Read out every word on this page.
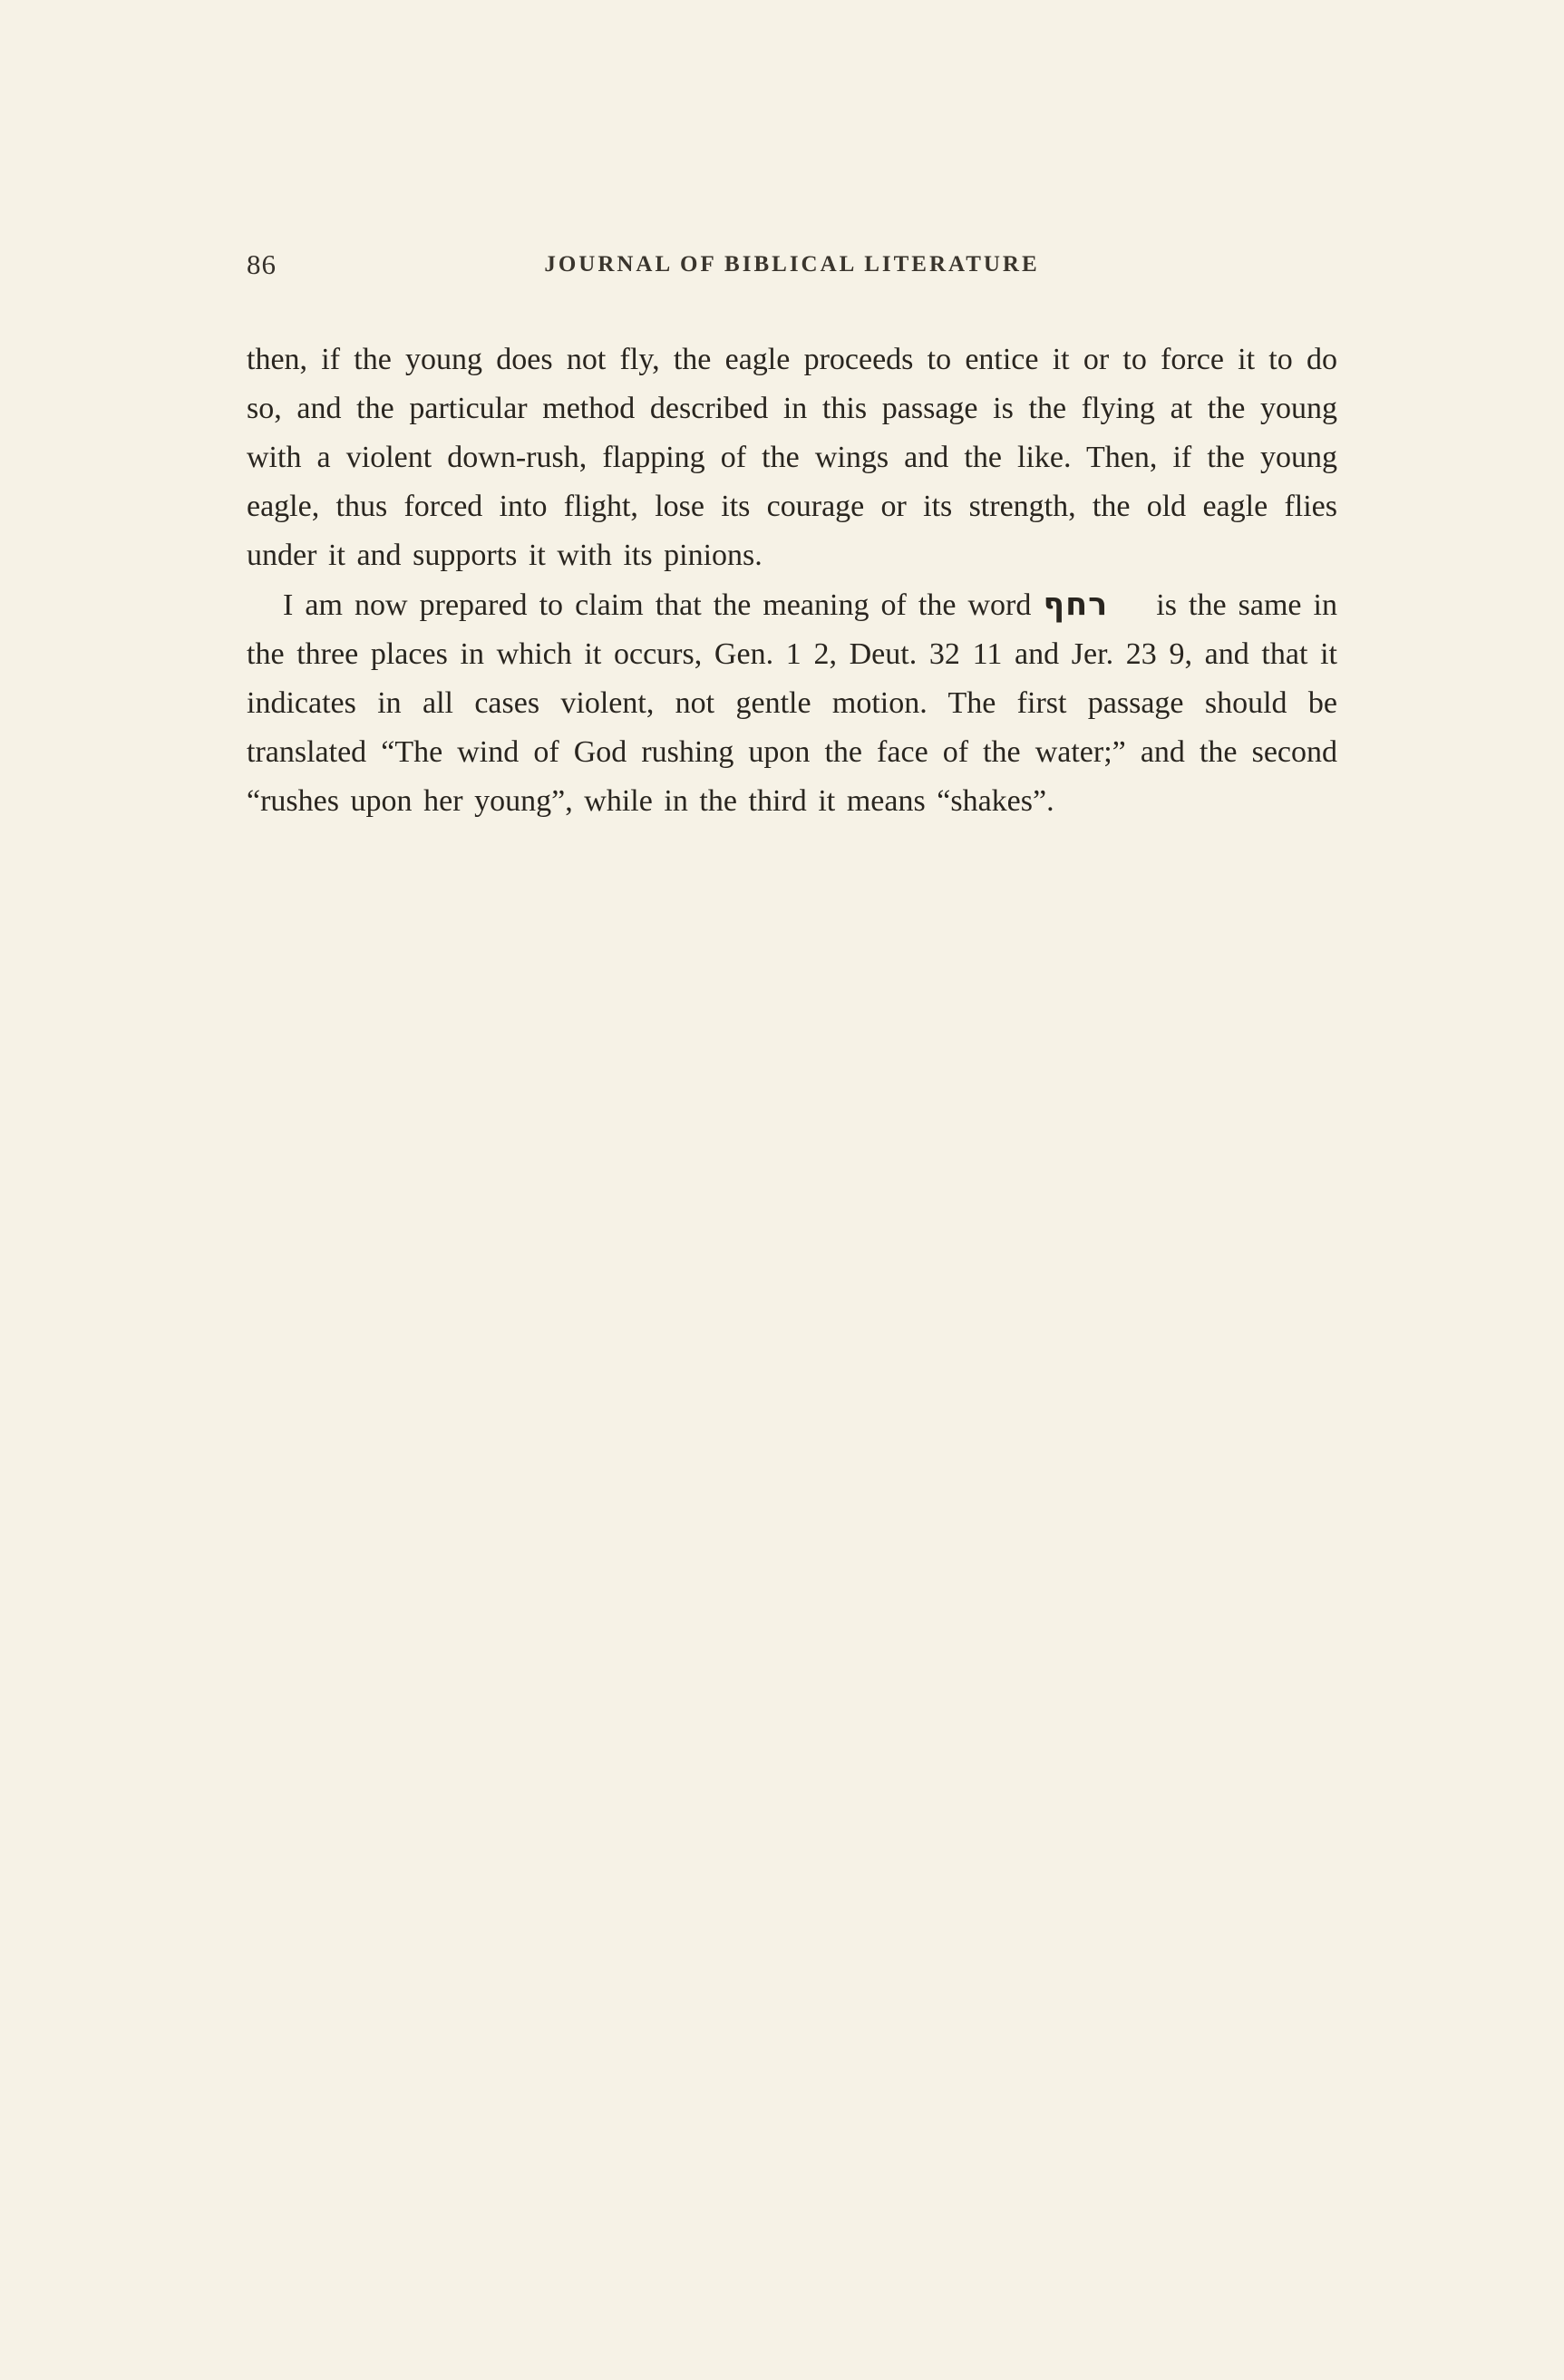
86	JOURNAL OF BIBLICAL LITERATURE

then, if the young does not fly, the eagle proceeds to entice it or to force it to do so, and the particular method described in this passage is the flying at the young with a violent down-rush, flapping of the wings and the like. Then, if the young eagle, thus forced into flight, lose its courage or its strength, the old eagle flies under it and supports it with its pinions.

I am now prepared to claim that the meaning of the word רחף is the same in the three places in which it occurs, Gen. 1 2, Deut. 32 11 and Jer. 23 9, and that it indicates in all cases violent, not gentle motion. The first passage should be translated “The wind of God rushing upon the face of the water;” and the second “rushes upon her young”, while in the third it means “shakes”.
